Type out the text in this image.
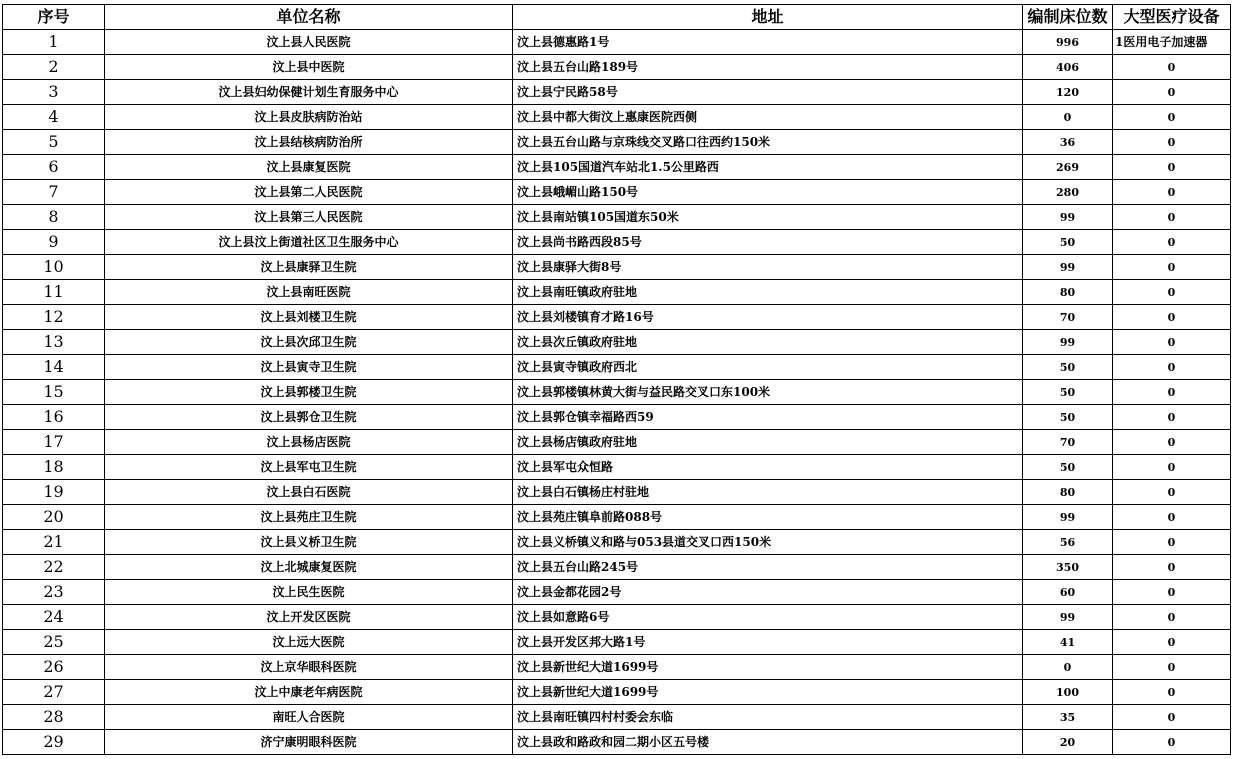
序号	单位名称	地址	编制床位数	大型医疗设备
1	汶上县人民医院	汶上县德惠路1号	996	1医用电子加速器
2	汶上县中医院	汶上县五台山路189号	406	0
3	汶上县妇幼保健计划生育服务中心	汶上县宁民路58号	120	0
4	汶上县皮肤病防治站	汶上县中都大街汶上惠康医院西侧	0	0
5	汶上县结核病防治所	汶上县五台山路与京珠线交叉路口往西约150米	36	0
6	汶上县康复医院	汶上县105国道汽车站北1.5公里路西	269	0
7	汶上县第二人民医院	汶上县峨嵋山路150号	280	0
8	汶上县第三人民医院	汶上县南站镇105国道东50米	99	0
9	汶上县汶上街道社区卫生服务中心	汶上县尚书路西段85号	50	0
10	汶上县康驿卫生院	汶上县康驿大街8号	99	0
11	汶上县南旺医院	汶上县南旺镇政府驻地	80	0
12	汶上县刘楼卫生院	汶上县刘楼镇育才路16号	70	0
13	汶上县次邱卫生院	汶上县次丘镇政府驻地	99	0
14	汶上县寅寺卫生院	汶上县寅寺镇政府西北	50	0
15	汶上县郭楼卫生院	汶上县郭楼镇林黄大街与益民路交叉口东100米	50	0
16	汶上县郭仓卫生院	汶上县郭仓镇幸福路西59	50	0
17	汶上县杨店医院	汶上县杨店镇政府驻地	70	0
18	汶上县军屯卫生院	汶上县军屯众恒路	50	0
19	汶上县白石医院	汶上县白石镇杨庄村驻地	80	0
20	汶上县苑庄卫生院	汶上县苑庄镇阜前路088号	99	0
21	汶上县义桥卫生院	汶上县义桥镇义和路与053县道交叉口西150米	56	0
22	汶上北城康复医院	汶上县五台山路245号	350	0
23	汶上民生医院	汶上县金都花园2号	60	0
24	汶上开发区医院	汶上县如意路6号	99	0
25	汶上远大医院	汶上县开发区邦大路1号	41	0
26	汶上京华眼科医院	汶上县新世纪大道1699号	0	0
27	汶上中康老年病医院	汶上县新世纪大道1699号	100	0
28	南旺人合医院	汶上县南旺镇四村村委会东临	35	0
29	济宁康明眼科医院	汶上县政和路政和园二期小区五号楼	20	0
